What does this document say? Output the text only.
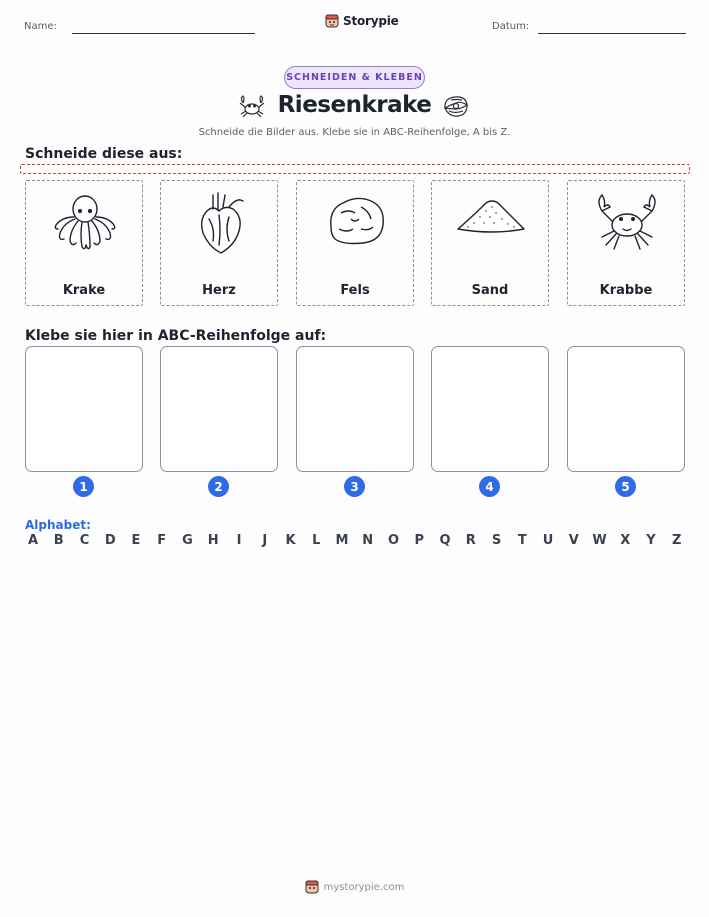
Name:	Storypie	Datum:
SCHNEIDEN & KLEBEN
Riesenkrake
Schneide die Bilder aus. Klebe sie in ABC-Reihenfolge, A bis Z.
Schneide diese aus:
Krake	Herz	Fels	Sand	Krabbe
Klebe sie hier in ABC-Reihenfolge auf:
1	2	3	4	5
Alphabet:
A B C D E F G H	I	J	K L M N O P Q R S T U V W X Y Z
mystorypie.com
